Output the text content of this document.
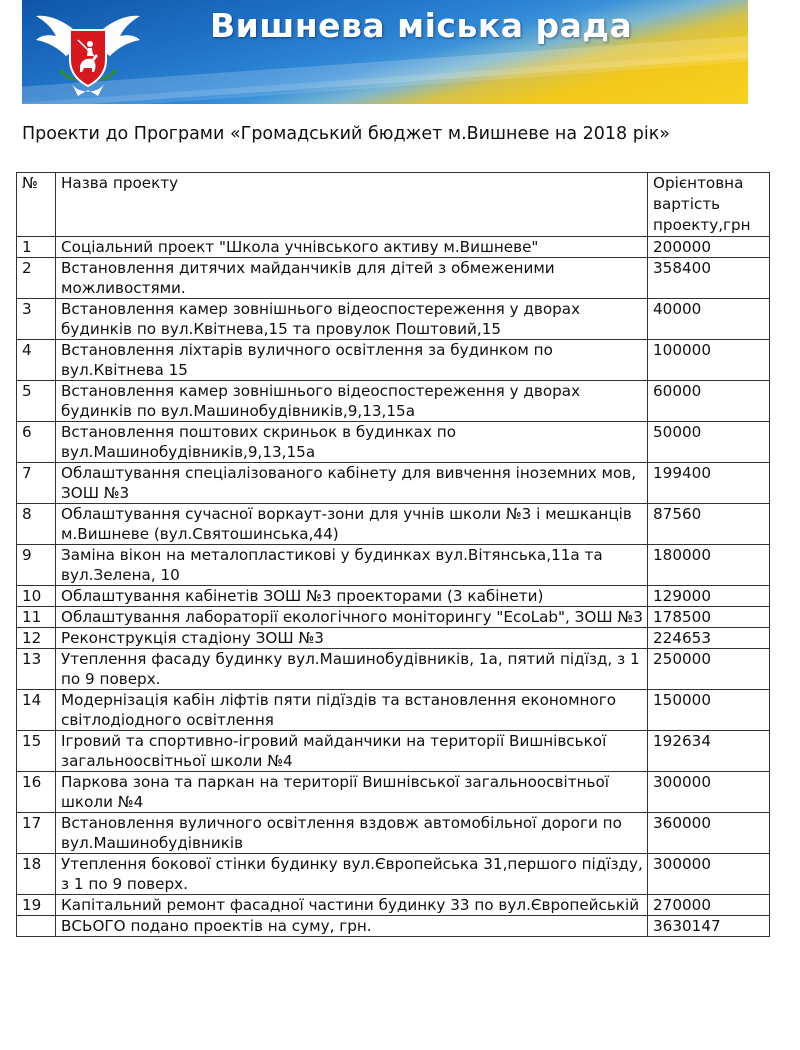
Вишнева міська рада
Проекти до Програми «Громадський бюджет м.Вишневе на 2018 рік»
№	Назва проекту	Орієнтовна вартість проекту,грн
1	Соціальний проект "Школа учнівського активу м.Вишневе"	200000
2	Встановлення дитячих майданчиків для дітей з обмеженими можливостями.	358400
3	Встановлення камер зовнішнього відеоспостереження у дворах будинків по вул.Квітнева,15 та провулок Поштовий,15	40000
4	Встановлення ліхтарів вуличного освітлення за будинком по вул.Квітнева 15	100000
5	Встановлення камер зовнішнього відеоспостереження у дворах будинків по вул.Машинобудівників,9,13,15а	60000
6	Встановлення поштових скриньок в будинках по вул.Машинобудівників,9,13,15а	50000
7	Облаштування спеціалізованого кабінету для вивчення іноземних мов, ЗОШ №3	199400
8	Облаштування сучасної воркаут-зони для учнів школи №3 і мешканців м.Вишневе (вул.Святошинська,44)	87560
9	Заміна вікон на металопластикові у будинках вул.Вітянська,11а та вул.Зелена, 10	180000
10	Облаштування кабінетів ЗОШ №3 проекторами (3 кабінети)	129000
11	Облаштування лабораторії екологічного моніторингу "EcoLab", ЗОШ №3	178500
12	Реконструкція стадіону ЗОШ №3	224653
13	Утеплення фасаду будинку вул.Машинобудівників, 1а, пятий підїзд, з 1 по 9 поверх.	250000
14	Модернізація кабін ліфтів пяти підїздів та встановлення економного світлодіодного освітлення	150000
15	Ігровий та спортивно-ігровий майданчики на території Вишнівської загальноосвітньої школи №4	192634
16	Паркова зона та паркан на території Вишнівської загальноосвітньої школи №4	300000
17	Встановлення вуличного освітлення вздовж автомобільної дороги по вул.Машинобудівників	360000
18	Утеплення бокової стінки будинку вул.Європейська 31,першого підїзду, з 1 по 9 поверх.	300000
19	Капітальний ремонт фасадної частини будинку 33 по вул.Європейській	270000
	ВСЬОГО подано проектів на суму, грн.	3630147
